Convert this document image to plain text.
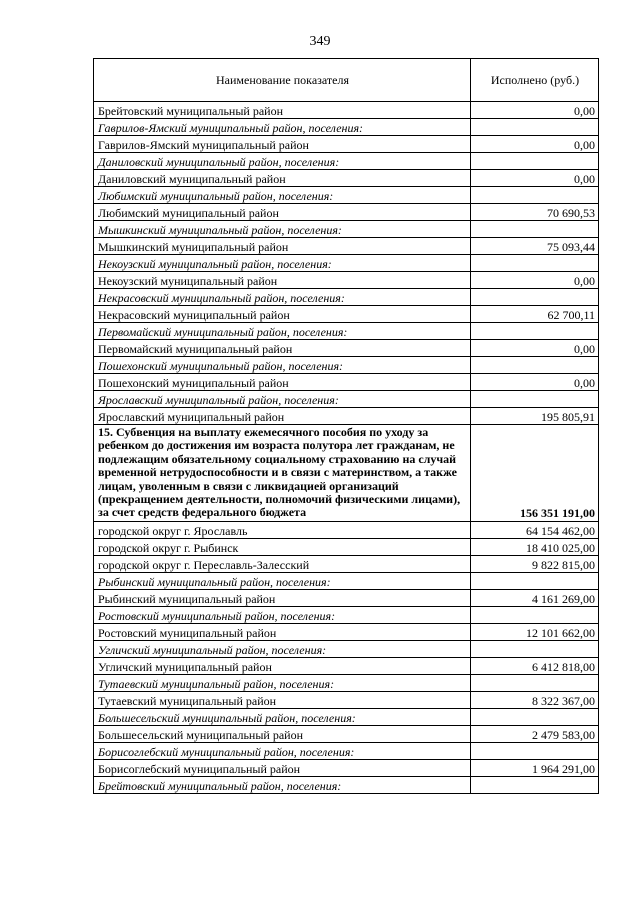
349
Наименование показателя	Исполнено (руб.)
Брейтовский муниципальный район	0,00
Гаврилов-Ямский муниципальный район, поселения:	
Гаврилов-Ямский муниципальный район	0,00
Даниловский муниципальный район, поселения:	
Даниловский муниципальный район	0,00
Любимский муниципальный район, поселения:	
Любимский муниципальный район	70 690,53
Мышкинский муниципальный район, поселения:	
Мышкинский муниципальный район	75 093,44
Некоузский муниципальный район, поселения:	
Некоузский муниципальный район	0,00
Некрасовский муниципальный район, поселения:	
Некрасовский муниципальный район	62 700,11
Первомайский муниципальный район, поселения:	
Первомайский муниципальный район	0,00
Пошехонский муниципальный район, поселения:	
Пошехонский муниципальный район	0,00
Ярославский муниципальный район, поселения:	
Ярославский муниципальный район	195 805,91
15. Субвенция на выплату ежемесячного пособия по уходу за ребенком до достижения им возраста полутора лет гражданам, не подлежащим обязательному социальному страхованию на случай временной нетрудоспособности и в связи с материнством, а также лицам, уволенным в связи с ликвидацией организаций (прекращением деятельности, полномочий физическими лицами), за счет средств федерального бюджета	156 351 191,00
городской округ г. Ярославль	64 154 462,00
городской округ г. Рыбинск	18 410 025,00
городской округ г. Переславль-Залесский	9 822 815,00
Рыбинский муниципальный район, поселения:	
Рыбинский муниципальный район	4 161 269,00
Ростовский муниципальный район, поселения:	
Ростовский муниципальный район	12 101 662,00
Угличский муниципальный район, поселения:	
Угличский муниципальный район	6 412 818,00
Тутаевский муниципальный район, поселения:	
Тутаевский муниципальный район	8 322 367,00
Большесельский муниципальный район, поселения:	
Большесельский муниципальный район	2 479 583,00
Борисоглебский муниципальный район, поселения:	
Борисоглебский муниципальный район	1 964 291,00
Брейтовский муниципальный район, поселения:	
